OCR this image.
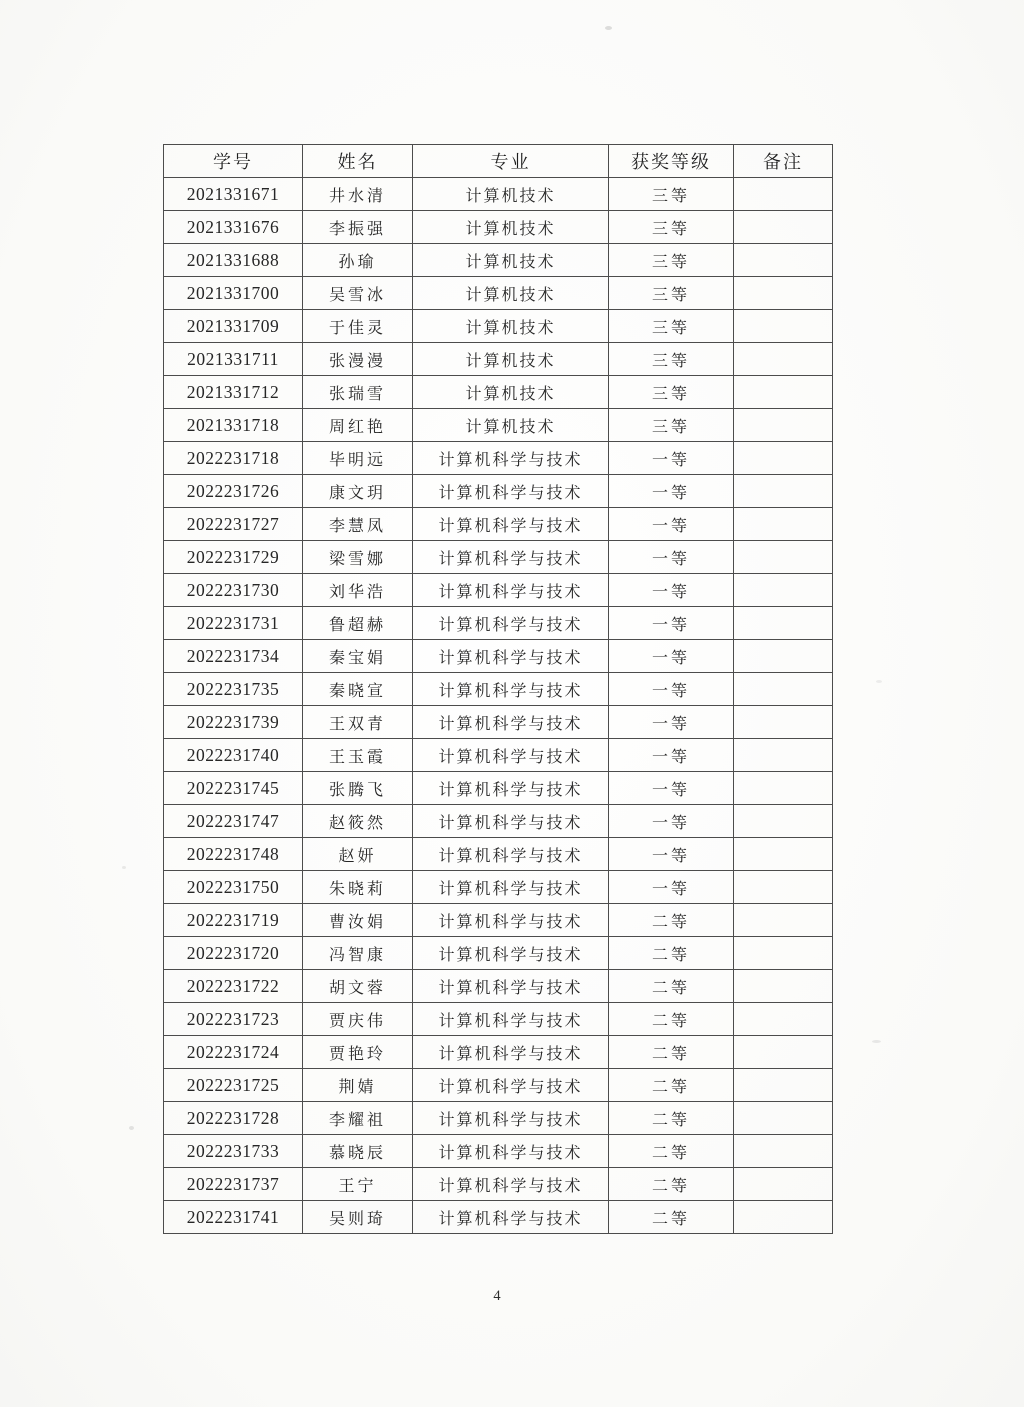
学号	姓名	专业	获奖等级	备注
2021331671	井水清	计算机技术	三等	
2021331676	李振强	计算机技术	三等	
2021331688	孙瑜	计算机技术	三等	
2021331700	吴雪冰	计算机技术	三等	
2021331709	于佳灵	计算机技术	三等	
2021331711	张漫漫	计算机技术	三等	
2021331712	张瑞雪	计算机技术	三等	
2021331718	周红艳	计算机技术	三等	
2022231718	毕明远	计算机科学与技术	一等	
2022231726	康文玥	计算机科学与技术	一等	
2022231727	李慧凤	计算机科学与技术	一等	
2022231729	梁雪娜	计算机科学与技术	一等	
2022231730	刘华浩	计算机科学与技术	一等	
2022231731	鲁超赫	计算机科学与技术	一等	
2022231734	秦宝娟	计算机科学与技术	一等	
2022231735	秦晓宣	计算机科学与技术	一等	
2022231739	王双青	计算机科学与技术	一等	
2022231740	王玉霞	计算机科学与技术	一等	
2022231745	张腾飞	计算机科学与技术	一等	
2022231747	赵筱然	计算机科学与技术	一等	
2022231748	赵妍	计算机科学与技术	一等	
2022231750	朱晓莉	计算机科学与技术	一等	
2022231719	曹汝娟	计算机科学与技术	二等	
2022231720	冯智康	计算机科学与技术	二等	
2022231722	胡文蓉	计算机科学与技术	二等	
2022231723	贾庆伟	计算机科学与技术	二等	
2022231724	贾艳玲	计算机科学与技术	二等	
2022231725	荆婧	计算机科学与技术	二等	
2022231728	李耀祖	计算机科学与技术	二等	
2022231733	慕晓辰	计算机科学与技术	二等	
2022231737	王宁	计算机科学与技术	二等	
2022231741	吴则琦	计算机科学与技术	二等	
4
